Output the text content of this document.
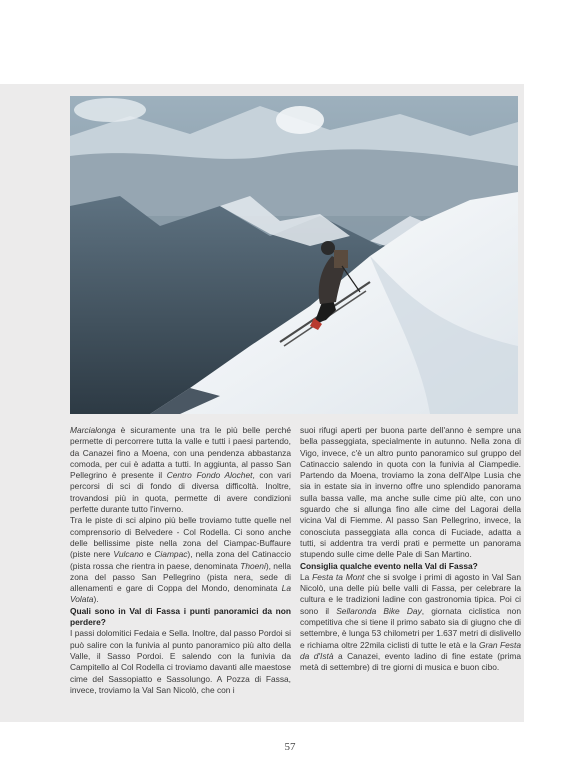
Marcialonga è sicuramente una tra le più belle perché permette di percorrere tutta la valle e tutti i paesi partendo, da Canazei fino a Moena, con una pendenza abbastanza comoda, per cui è adatta a tutti. In aggiunta, al passo San Pellegrino è presente il Centro Fondo Alochet, con vari percorsi di sci di fondo di diversa difficoltà. Inoltre, trovandosi più in quota, permette di avere condizioni perfette durante tutto l'inverno.

Tra le piste di sci alpino più belle troviamo tutte quelle nel comprensorio di Belvedere - Col Rodella. Ci sono anche delle bellissime piste nella zona del Ciampac-Buffaure (piste nere Vulcano e Ciampac), nella zona del Catinaccio (pista rossa che rientra in paese, denominata Thoeni), nella zona del passo San Pellegrino (pista nera, sede di allenamenti e gare di Coppa del Mondo, denominata La Volata).

Quali sono in Val di Fassa i punti panoramici da non perdere?

I passi dolomitici Fedaia e Sella. Inoltre, dal passo Pordoi si può salire con la funivia al punto panoramico più alto della Valle, il Sasso Pordoi. E salendo con la funivia da Campitello al Col Rodella ci troviamo davanti alle maestose cime del Sassopiatto e Sassolungo. A Pozza di Fassa, invece, troviamo la Val San Nicolò, che con i

suoi rifugi aperti per buona parte dell'anno è sempre una bella passeggiata, specialmente in autunno. Nella zona di Vigo, invece, c'è un altro punto panoramico sul gruppo del Catinaccio salendo in quota con la funivia al Ciampedie. Partendo da Moena, troviamo la zona dell'Alpe Lusia che sia in estate sia in inverno offre uno splendido panorama sulla bassa valle, ma anche sulle cime più alte, con uno sguardo che si allunga fino alle cime del Lagorai della vicina Val di Fiemme. Al passo San Pellegrino, invece, la conosciuta passeggiata alla conca di Fuciade, adatta a tutti, si addentra tra verdi prati e permette un panorama stupendo sulle cime delle Pale di San Martino.

Consiglia qualche evento nella Val di Fassa?

La Festa ta Mont che si svolge i primi di agosto in Val San Nicolò, una delle più belle valli di Fassa, per celebrare la cultura e le tradizioni ladine con gastronomia tipica. Poi ci sono il Sellaronda Bike Day, giornata ciclistica non competitiva che si tiene il primo sabato sia di giugno che di settembre, è lunga 53 chilometri per 1.637 metri di dislivello e richiama oltre 22mila ciclisti di tutte le età e la Gran Festa da d'Istà a Canazei, evento ladino di fine estate (prima metà di settembre) di tre giorni di musica e buon cibo.

57
